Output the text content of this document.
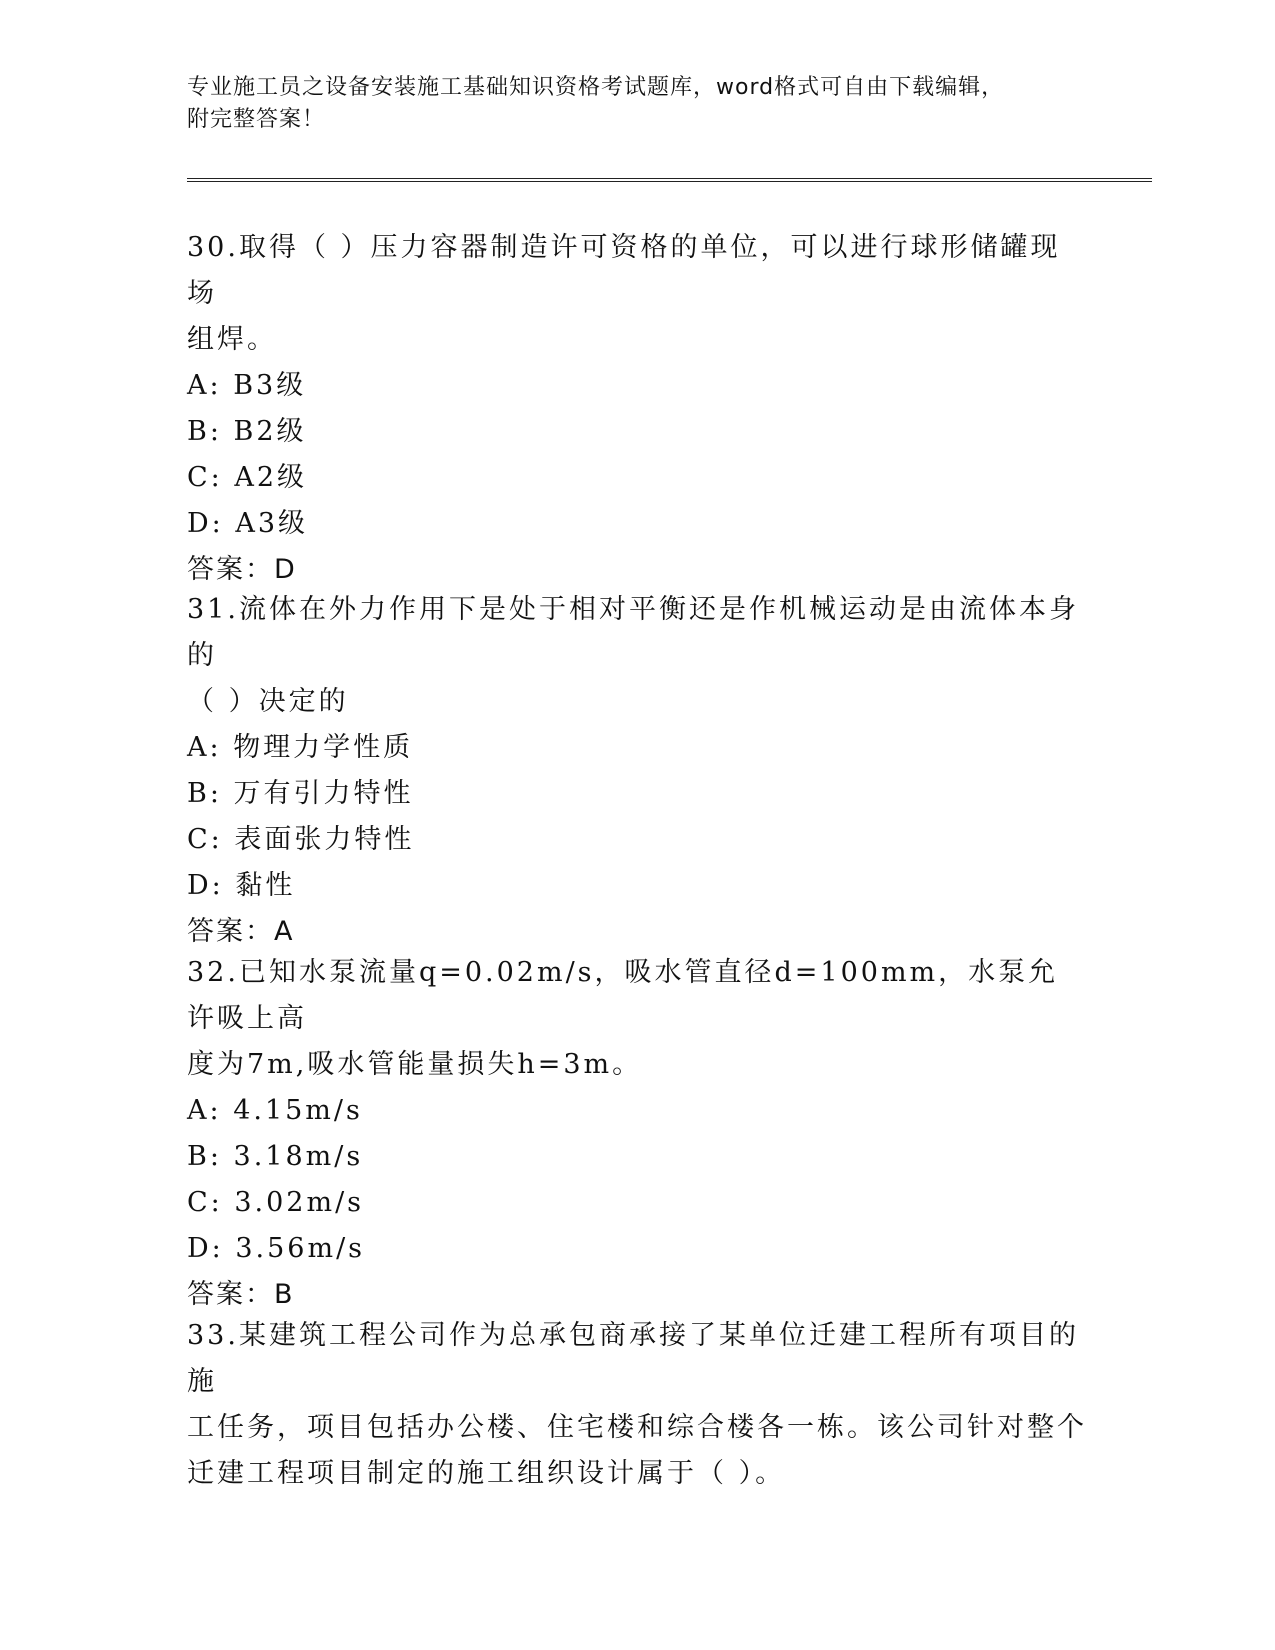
专业施工员之设备安装施工基础知识资格考试题库，word格式可自由下载编辑，
附完整答案！
30.取得（ ）压力容器制造许可资格的单位，可以进行球形储罐现场
组焊。
A: B3级
B: B2级
C: A2级
D: A3级
答案：D
31.流体在外力作用下是处于相对平衡还是作机械运动是由流体本身的
（ ）决定的
A: 物理力学性质
B: 万有引力特性
C: 表面张力特性
D: 黏性
答案：A
32.已知水泵流量q=0.02m/s，吸水管直径d=100mm，水泵允许吸上高
度为7m,吸水管能量损失h=3m。
A: 4.15m/s
B: 3.18m/s
C: 3.02m/s
D: 3.56m/s
答案：B
33.某建筑工程公司作为总承包商承接了某单位迁建工程所有项目的施
工任务，项目包括办公楼、住宅楼和综合楼各一栋。该公司针对整个
迁建工程项目制定的施工组织设计属于（ ）。
